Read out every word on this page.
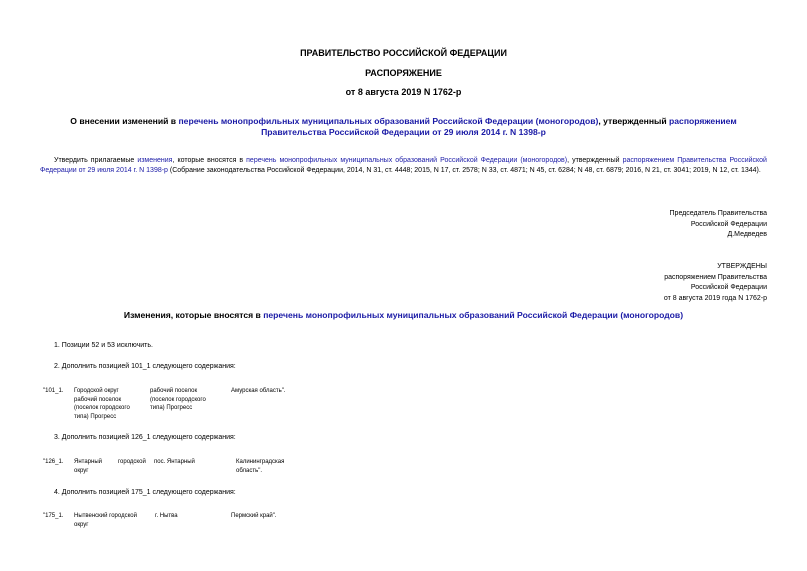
ПРАВИТЕЛЬСТВО РОССИЙСКОЙ ФЕДЕРАЦИИ
РАСПОРЯЖЕНИЕ
от 8 августа 2019 N 1762-р
О внесении изменений в перечень монопрофильных муниципальных образований Российской Федерации (моногородов), утвержденный распоряжением
Правительства Российской Федерации от 29 июля 2014 г. N 1398-р
Утвердить прилагаемые изменения, которые вносятся в перечень монопрофильных муниципальных образований Российской Федерации (моногородов), утвержденный распоряжением Правительства Российской Федерации от 29 июля 2014 г. N 1398-р (Собрание законодательства Российской Федерации, 2014, N 31, ст. 4448; 2015, N 17, ст. 2578; N 33, ст. 4871; N 45, ст. 6284; N 48, ст. 6879; 2016, N 21, ст. 3041; 2019, N 12, ст. 1344).
Председатель Правительства
Российской Федерации
Д.Медведев
УТВЕРЖДЕНЫ
распоряжением Правительства
Российской Федерации
от 8 августа 2019 года N 1762-р
Изменения, которые вносятся в перечень монопрофильных муниципальных образований Российской Федерации (моногородов)
1. Позиции 52 и 53 исключить.
2. Дополнить позицией 101_1 следующего содержания:
"101_1. Городской округ
рабочий поселок
(поселок городского
типа) Прогресс
рабочий поселок
(поселок городского
типа) Прогресс
Амурская область".
3. Дополнить позицией 126_1 следующего содержания:
"126_1. Янтарный
округ
городской пос. Янтарный	Калининградская
область".
4. Дополнить позицией 175_1 следующего содержания:
"175_1. Нытвенский городской
округ
г. Нытва	Пермский край".
